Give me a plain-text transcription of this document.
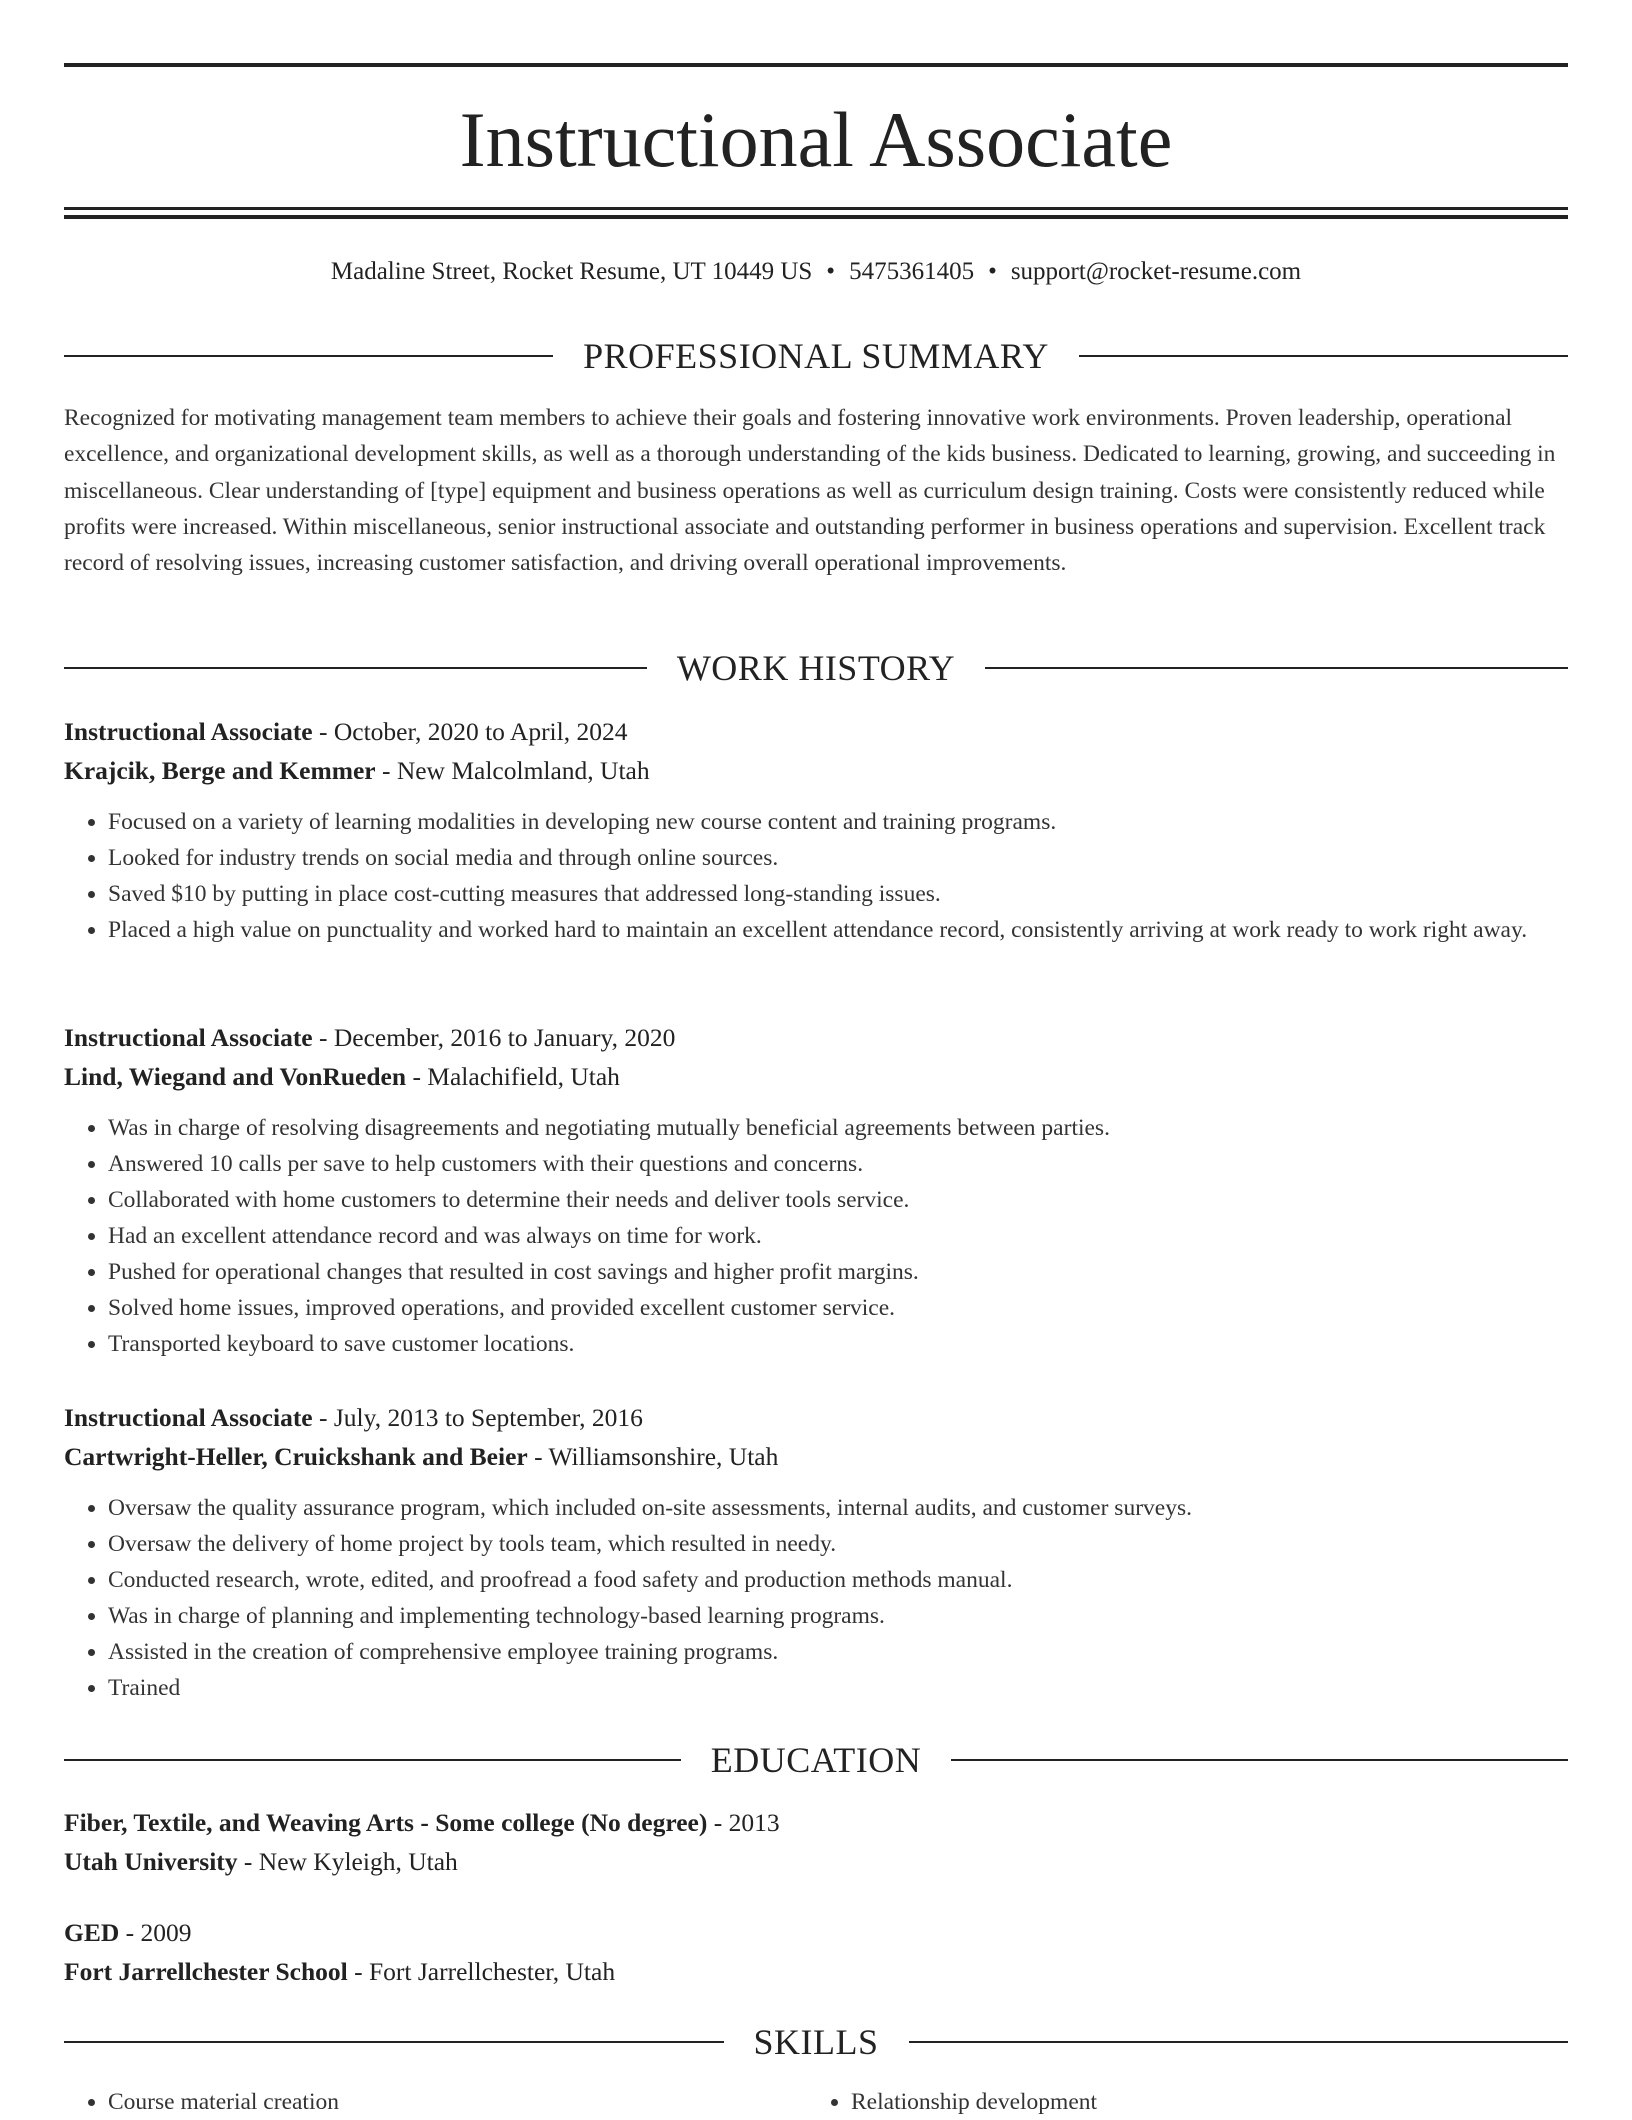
Instructional Associate
Madaline Street, Rocket Resume, UT 10449 US • 5475361405 • support@rocket-resume.com
PROFESSIONAL SUMMARY

Recognized for motivating management team members to achieve their goals and fostering innovative work environments. Proven leadership, operational excellence, and organizational development skills, as well as a thorough understanding of the kids business. Dedicated to learning, growing, and succeeding in miscellaneous. Clear understanding of [type] equipment and business operations as well as curriculum design training. Costs were consistently reduced while profits were increased. Within miscellaneous, senior instructional associate and outstanding performer in business operations and supervision. Excellent track record of resolving issues, increasing customer satisfaction, and driving overall operational improvements.

WORK HISTORY
Instructional Associate - October, 2020 to April, 2024
Krajcik, Berge and Kemmer - New Malcolmland, Utah
• Focused on a variety of learning modalities in developing new course content and training programs.
• Looked for industry trends on social media and through online sources.
• Saved $10 by putting in place cost-cutting measures that addressed long-standing issues.
• Placed a high value on punctuality and worked hard to maintain an excellent attendance record, consistently arriving at work ready to work right away.
Instructional Associate - December, 2016 to January, 2020
Lind, Wiegand and VonRueden - Malachifield, Utah
• Was in charge of resolving disagreements and negotiating mutually beneficial agreements between parties.
• Answered 10 calls per save to help customers with their questions and concerns.
• Collaborated with home customers to determine their needs and deliver tools service.
• Had an excellent attendance record and was always on time for work.
• Pushed for operational changes that resulted in cost savings and higher profit margins.
• Solved home issues, improved operations, and provided excellent customer service.
• Transported keyboard to save customer locations.
Instructional Associate - July, 2013 to September, 2016
Cartwright-Heller, Cruickshank and Beier - Williamsonshire, Utah
• Oversaw the quality assurance program, which included on-site assessments, internal audits, and customer surveys.
• Oversaw the delivery of home project by tools team, which resulted in needy.
• Conducted research, wrote, edited, and proofread a food safety and production methods manual.
• Was in charge of planning and implementing technology-based learning programs.
• Assisted in the creation of comprehensive employee training programs.
• Trained
EDUCATION
Fiber, Textile, and Weaving Arts - Some college (No degree) - 2013
Utah University - New Kyleigh, Utah
GED - 2009
Fort Jarrellchester School - Fort Jarrellchester, Utah
SKILLS
• Course material creation
•	Relationship development
